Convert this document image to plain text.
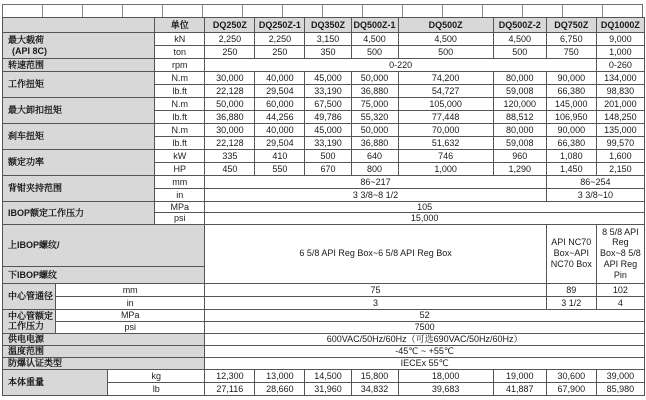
			单位	DQ250Z	DQ250Z-1	DQ350Z	DQ500Z-1	DQ500Z	DQ500Z-2	DQ750Z	DQ1000Z

最大载荷
(API 8C)			kN	2,250	2,250	3,150	4,500	4,500	4,500	6,750	9,000
			ton	250	250	350	500	500	500	750	1,000
转速范围			rpm	0-220							0-260
工作扭矩			N.m	30,000	40,000	45,000	50,000	74,200	80,000	90,000	134,000
			lb.ft	22,128	29,504	33,190	36,880	54,727	59,008	66,380	98,830
最大卸扣扭矩			N.m	50,000	60,000	67,500	75,000	105,000	120,000	145,000	201,000
			lb.ft	36,880	44,256	49,786	55,320	77,448	88,512	106,950	148,250
刹车扭矩			N.m	30,000	40,000	45,000	50,000	70,000	80,000	90,000	135,000
			lb.ft	22,128	29,504	33,190	36,880	51,632	59,008	66,380	99,570
额定功率			kW	335	410	500	640	746	960	1,080	1,600
			HP	450	550	670	800	1,000	1,290	1,450	2,150
背钳夹持范围			mm	86~217						86~254	
			in	3 3/8~8 1/2						3 3/8~10	
IBOP额定工作压力			MPa	105							
			psi	15,000							
上IBOP螺纹/				6 5/8 API Reg Box~6 5/8 API Reg Box						API NC70 Box~API NC70 Box	8 5/8 API Reg Box~8 5/8 API Reg Pin
下IBOP螺纹											
中心管通径	mm			75						89	102
	in			3						3 1/2	4
中心管额定工作压力	MPa			52							
	psi			7500							
供电电源				600VAC/50Hz/60Hz（可选690VAC/50Hz/60Hz）							
温度范围				-45℃ ~ +55℃							
防爆认证类型				IECEx 55℃							
本体重量		kg		12,300	13,000	14,500	15,800	18,000	19,000	30,600	39,000
		lb		27,116	28,660	31,960	34,832	39,683	41,887	67,900	85,980
